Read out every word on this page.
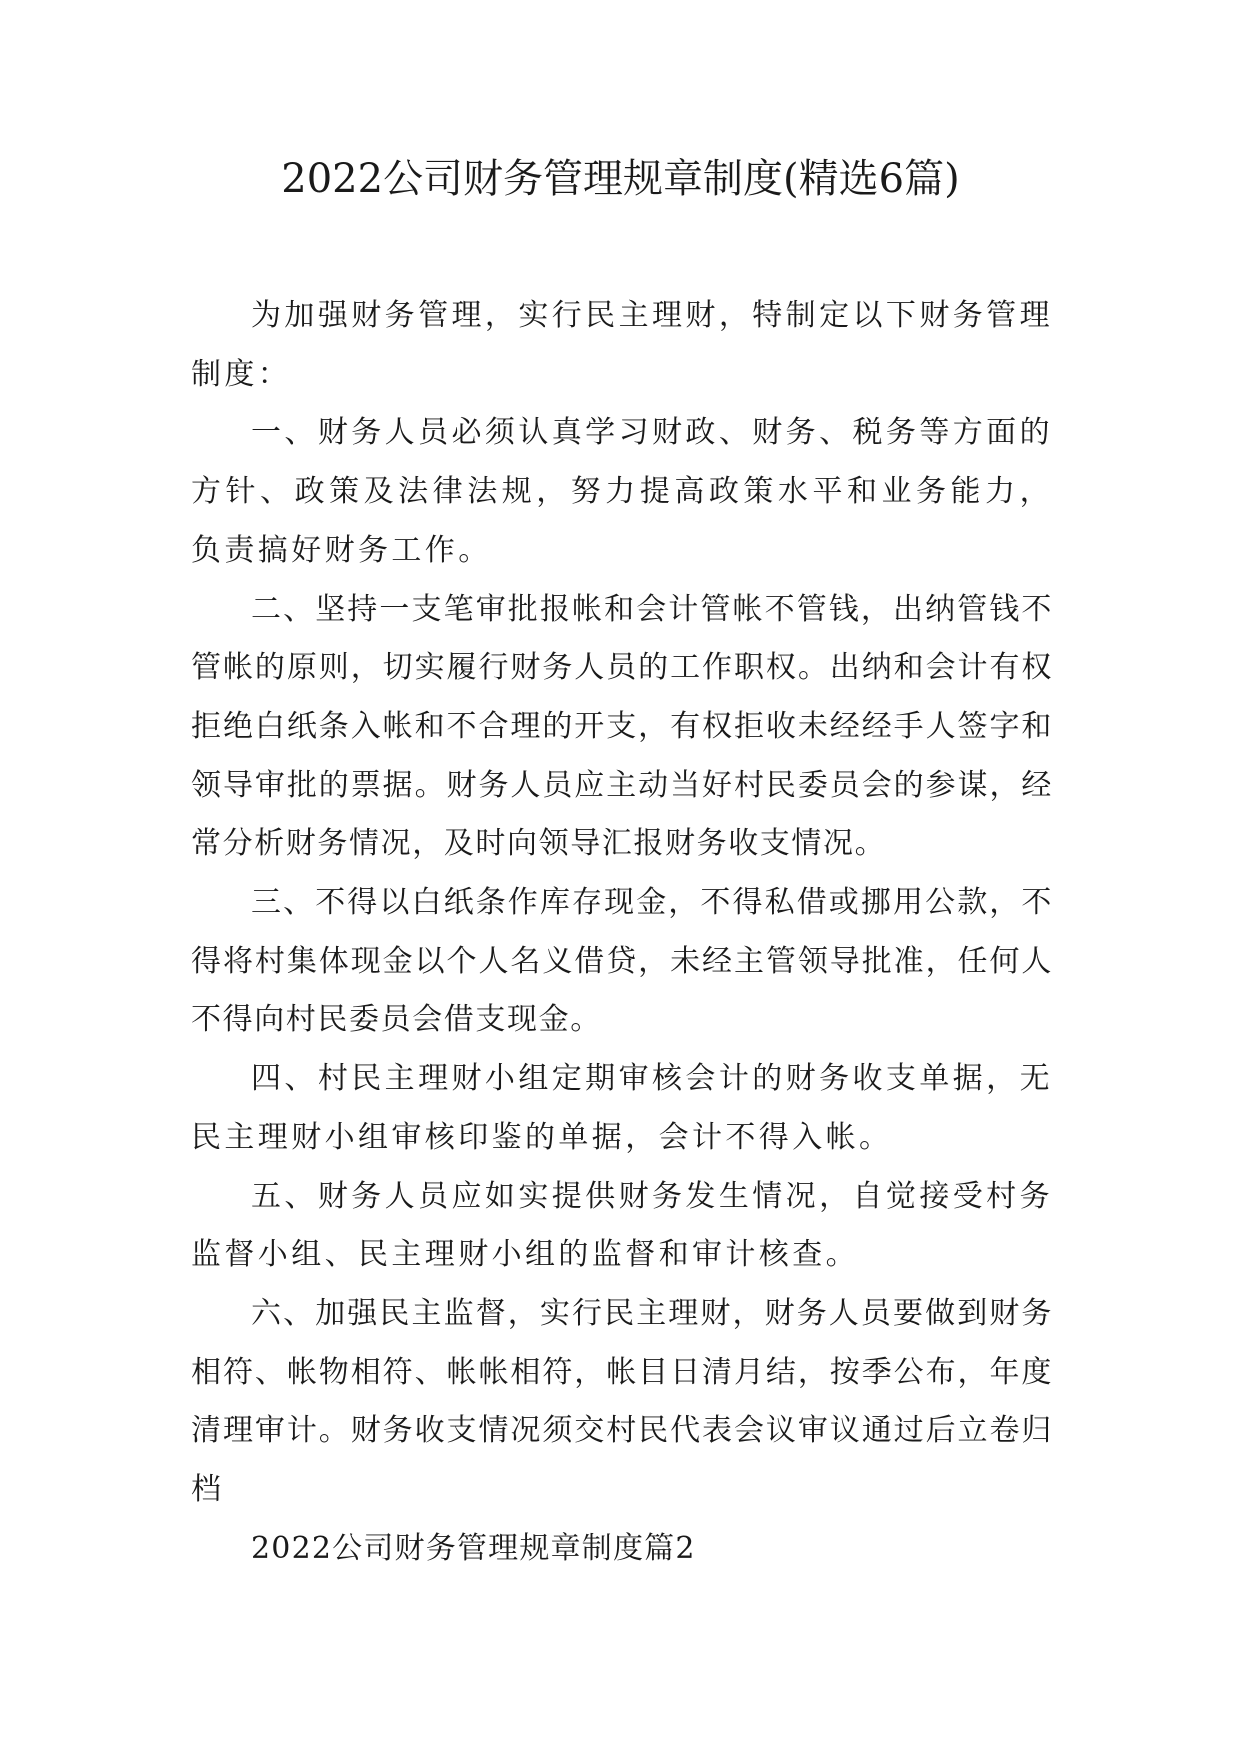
2022公司财务管理规章制度(精选6篇)

为加强财务管理，实行民主理财，特制定以下财务管理制度：

一、财务人员必须认真学习财政、财务、税务等方面的方针、政策及法律法规，努力提高政策水平和业务能力，负责搞好财务工作。

二、坚持一支笔审批报帐和会计管帐不管钱，出纳管钱不管帐的原则，切实履行财务人员的工作职权。出纳和会计有权拒绝白纸条入帐和不合理的开支，有权拒收未经经手人签字和领导审批的票据。财务人员应主动当好村民委员会的参谋，经常分析财务情况，及时向领导汇报财务收支情况。

三、不得以白纸条作库存现金，不得私借或挪用公款，不得将村集体现金以个人名义借贷，未经主管领导批准，任何人不得向村民委员会借支现金。

四、村民主理财小组定期审核会计的财务收支单据，无民主理财小组审核印鉴的单据，会计不得入帐。

五、财务人员应如实提供财务发生情况，自觉接受村务监督小组、民主理财小组的监督和审计核查。

六、加强民主监督，实行民主理财，财务人员要做到财务相符、帐物相符、帐帐相符，帐目日清月结，按季公布，年度清理审计。财务收支情况须交村民代表会议审议通过后立卷归档

2022公司财务管理规章制度篇2
